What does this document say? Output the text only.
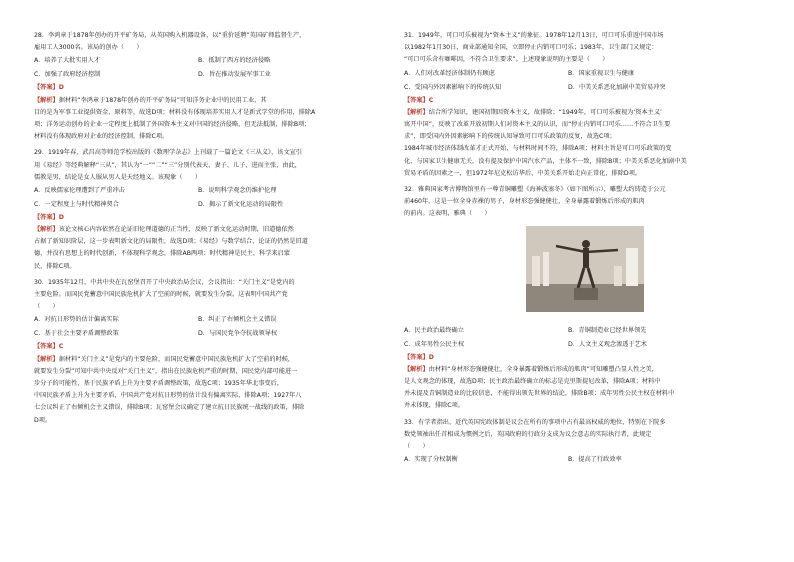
28．李鸿章于1878年创办的开平矿务局，从英国购入机器设备，以“重价延聘”英国矿师监督生产，
雇用工人3000名。该局的创办（　　）
A．培养了大批实用人才	B．抵制了西方的经济侵略
C．加强了政府经济控制	D．旨在推动发展军事工业
【答案】D
【解析】据材料“李鸿章于1878年创办的开平矿务局”可知洋务企业中的民用工业，其
目的是为军事工业提供资金、原料等，故选D项；材料没有体现培养实用人才是新式学堂的作用，排除A
项；洋务运动创办的企业一定程度上抵制了外国资本主义对中国的经济侵略，但无法抵制，排除B项；
材料没有体现政府对企业的经济控制，排除C项。
29．1919年春，武昌高等师范学校出版的《数理学杂志》上刊载了一篇论文《三从义》，该文宣引
用《易经》等经典解释“三从”，其认为“一”“二”“三”分别代表天、妻子、儿子，进而主张，由此，
儒教是男，结论是女人服从男人是天经地义。该现象（　　）
A．反映儒家伦理遭到了严重冲击	B．说明科学观念仍维护伦理
C．一定程度上与时代精神契合	D．揭示了新文化运动的局限性
【答案】D
【解析】该论文核心内容依然在论证旧伦理道德的正当性，反映了新文化运动时期，旧道德依然
占据了新知识阶层，这一步表明新文化的局限性，故选D项；《易经》与数学结合，论证的仍然是旧道
德，并没有思想上的时代创新，不体现科学观念，排除AB两项；时代精神是民主，科学来启蒙
民，排除C项。
30．1935年12月，中共中央在瓦窑堡召开了中央政治局会议，会议指出：“关门主义”是党内的
主要危险。而国民党蓄意中国民族危机扩大了空前的时候，就要发生分裂。这表明中国共产党
（　　）
A．对抗日形势的估计偏离实际	B．纠正了右倾机会主义错误
C．基于社会主要矛盾调整政策	D．与国民党争夺抗战领导权
【答案】C
【解析】据材料“关门主义”是党内的主要危险，而国民党蓄意中国民族危机扩大了空前的时候，
就要发生分裂”可知中共中央反对“关门主义”，指出在民族危机严重的时期，国民党内部可能进一
步分子的可能性，基于民族矛盾上升为主要矛盾调整政策，故选C项；1935年华北事变后，
中国民族矛盾上升为主要矛盾，中国共产党对抗日形势的估计没有偏离实际，排除A项；1927年八
七会议纠正了右倾机会主义错误，排除B项；瓦窑堡会议确定了建立抗日民族统一战线的政策，排除
D项。
31．1949年，可口可乐被视为“资本主义”的象征。1978年12月13日，可口可乐重返中国市场
以1982年1月30日，商业部通知全国，立即停止内销可口可乐；1983年，卫生部门又规定：
“可口可乐含有咖啡因，不符合卫生要求”。上述现象说明的主要是（　　）
A．人们对改革经济体制仍有顾虑	B．国家重视卫生与健康
C．受国内外因素影响下的传统认知	D．中美关系恶化加剧中美贸易冲突
【答案】C
【解析】结合所学知识，建国初期因资本主义，故排除；“1949年，可口可乐被视为‘资本主义’
寓开中国”，反映了改革开放初期人们对资本主义的认识，而“停止内销可口可乐……不符合卫生要
求”，即受国内外因素影响下的传统认知导致可口可乐政策的反复，故选C项；
1984年城市经济体制改革才正式开始，与材料时间不符，排除A项；材料主旨是可口可乐政策的变
化，与国家卫生健康无关，没有提及保护中国汽水产品，主体不一致，排除B项；中美关系恶化加剧中美
贸易矛盾的因素之一，但1972年尼克松访华后，中美关系开始走向正常化，排除D项。
32．雅典国家考古博物馆里有一尊青铜雕塑《海神波塞冬》（如下图所示），雕塑大约铸造于公元
前460年，这是一位全身赤裸的男子，身材形态强健健壮，全身暴露着锻炼后形成的肌肉
的前内。这表明，雅典（　　）
A．民主政治最终确立	B．青铜制造业已经世界领先
C．成年男性公民主权	D．人文主义观念渗透于艺术
【答案】D
【解析】由材料“身材形态强健健壮，全身暴露着锻炼后形成的肌肉”可知雕塑凸显人性之美，
是人文观念的体现，故选D项；民主政治最终确立的标志是克里斯提尼改革，排除A项；材料中
并未提及青铜制造业的比较信息，不能得出领先世界的结论，排除B项；成年男性公民主权在材料中
并未体现，排除C项。
33．有学者指出，近代英国宪政体制是议会在所有的事项中占有最高权威的地位，特别在下院多
数党领袖出任首相成为惯例之后，英国政府的行政分支成为议会意志的实际执行者，此规定
（　　）
A．实现了分权制衡	B．提高了行政效率
